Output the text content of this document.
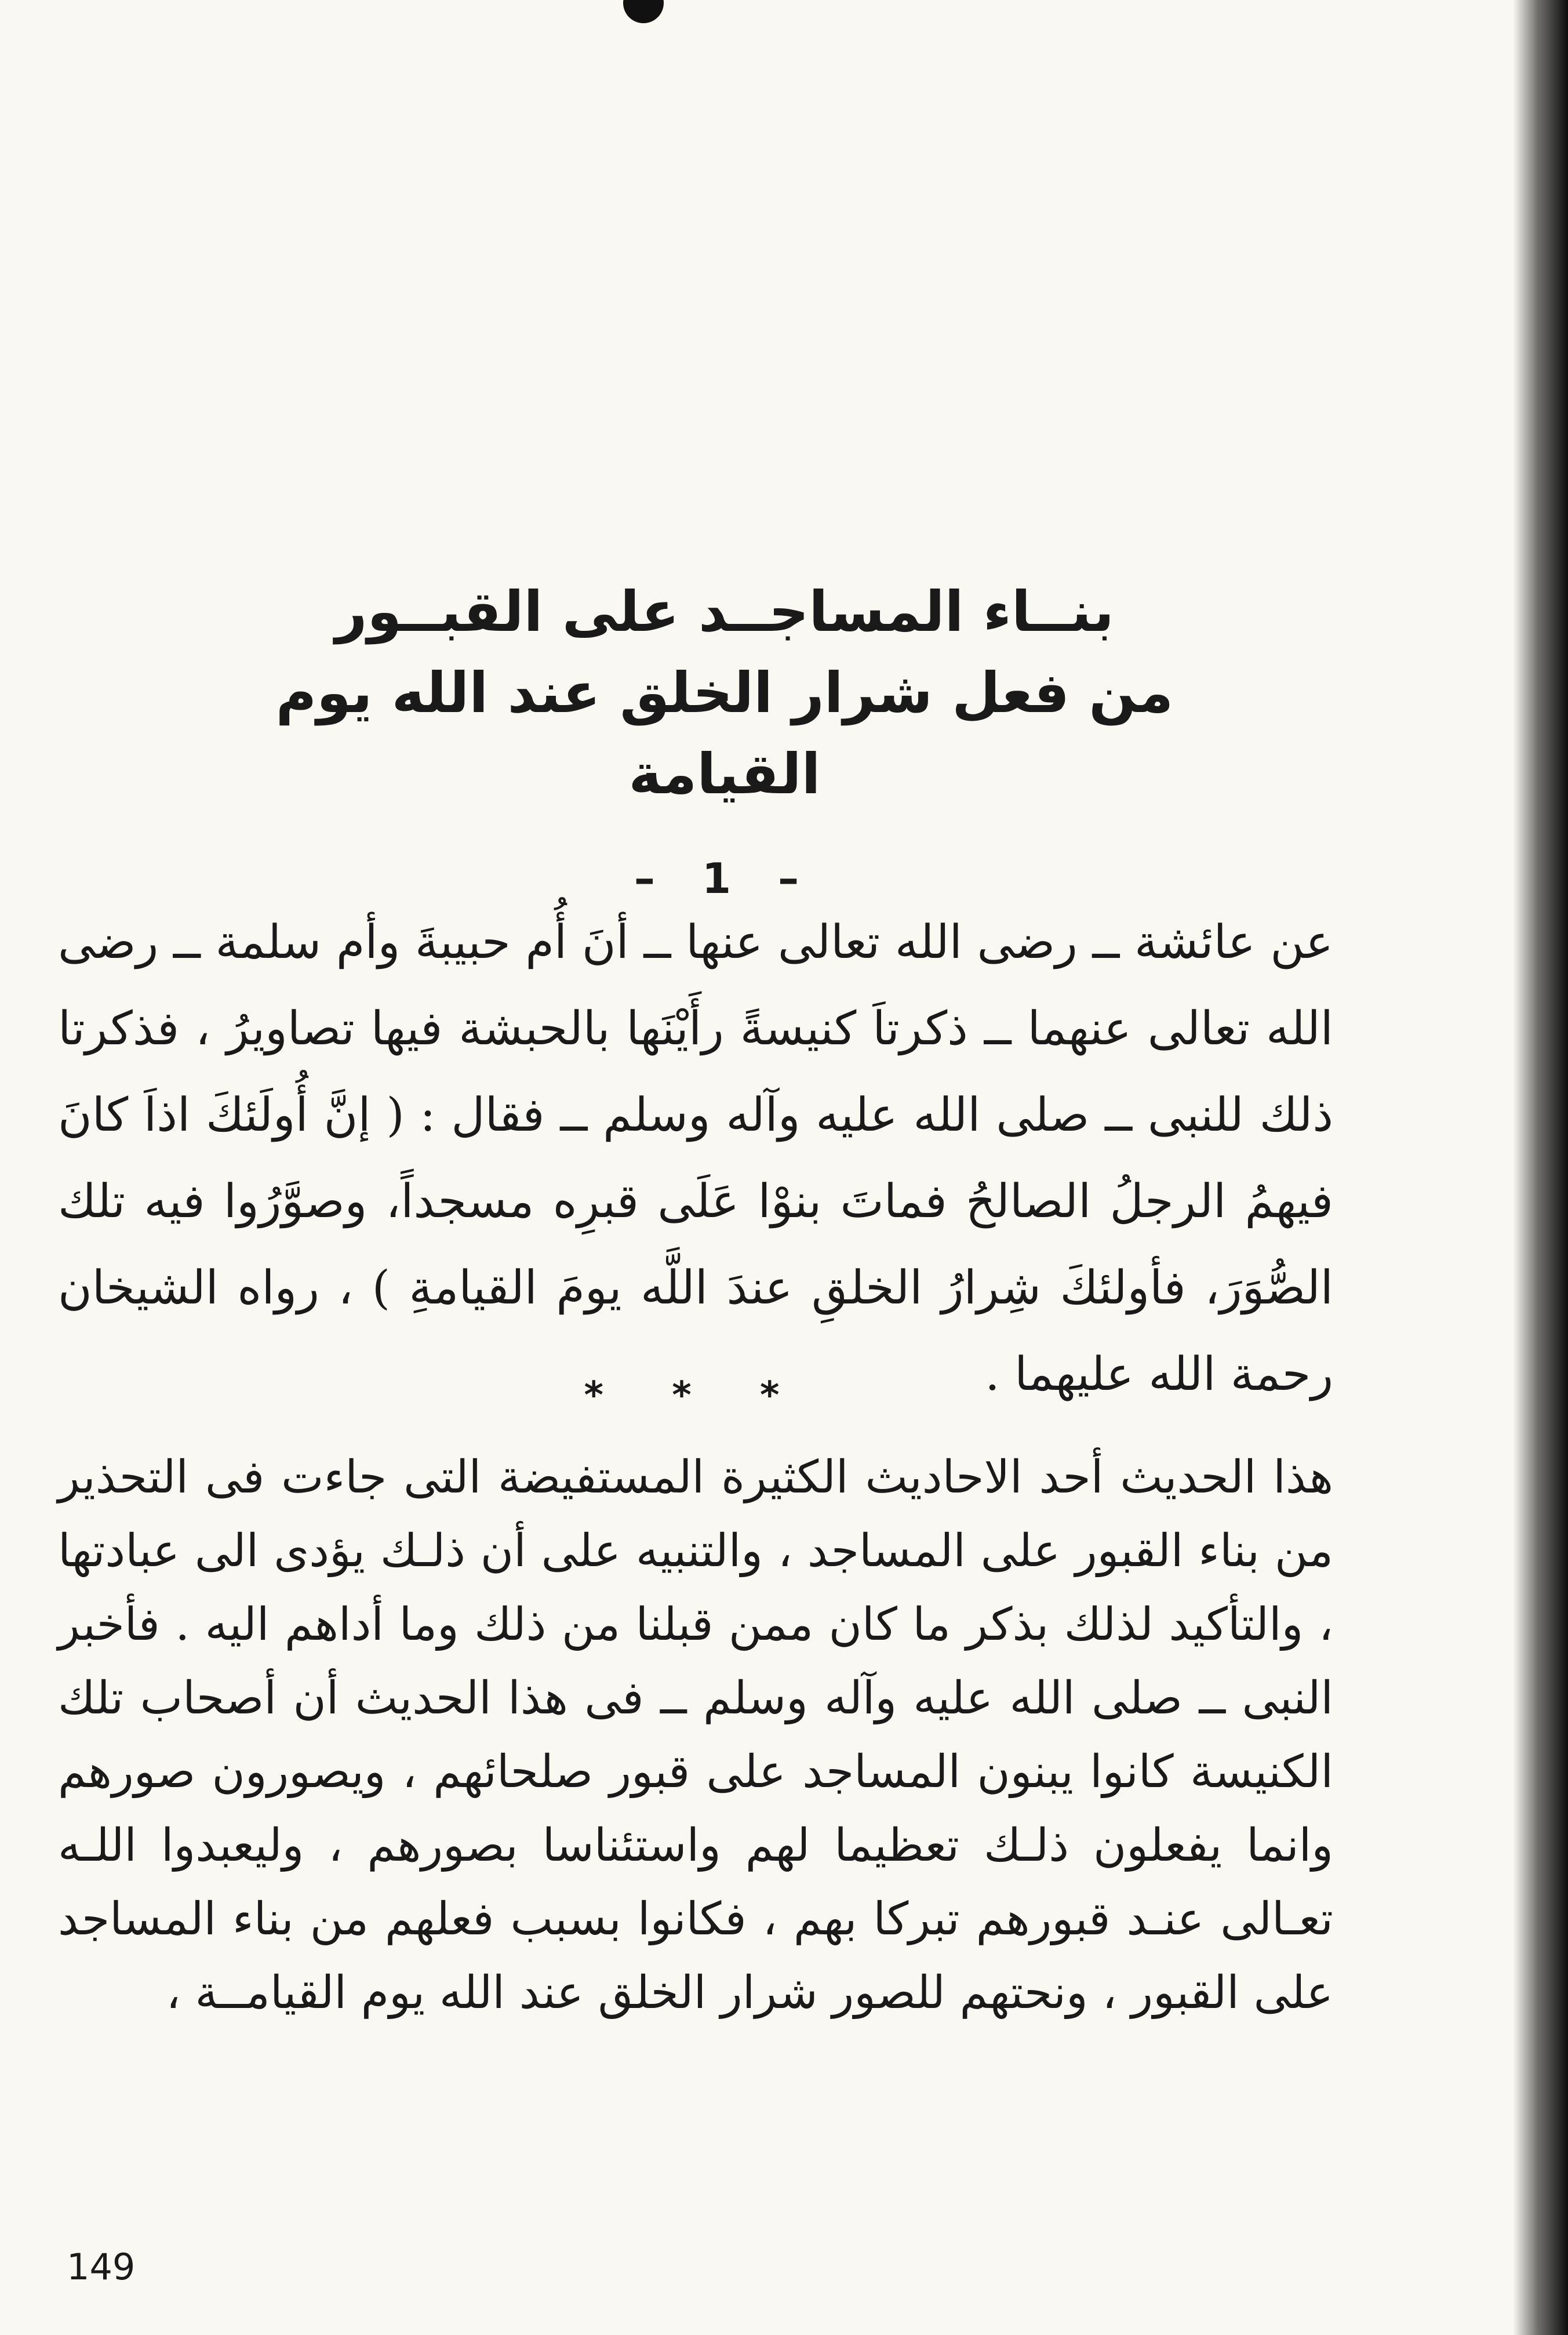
بنــاء المساجــد على القبــور

من فعل شرار الخلق عند الله يوم القيامة

– 1 –

عن عائشة ــ رضى الله تعالى عنها ــ أنَ أُم حبيبةَ وأم سلمة ــ رضى الله تعالى عنهما ــ ذكرتاَ كنيسةً رأَيْنَها بالحبشة فيها تصاويرُ ، فذكرتا ذلك للنبى ــ صلى الله عليه وآله وسلم ــ فقال : ( إنَّ أُولَئكَ اذاَ كانَ فيهمُ الرجلُ الصالحُ فماتَ بنوْا عَلَى قبرِه مسجداً، وصوَّرُوا فيه تلك الصُّوَرَ، فأولئكَ شِرارُ الخلقِ عندَ اللَّه يومَ القيامةِ ) ، رواه الشيخان رحمة الله عليهما .

* * *

هذا الحديث أحد الاحاديث الكثيرة المستفيضة التى جاءت فى التحذير من بناء القبور على المساجد ، والتنبيه على أن ذلـك يؤدى الى عبادتها ، والتأكيد لذلك بذكر ما كان ممن قبلنا من ذلك وما أداهم اليه . فأخبر النبى ــ صلى الله عليه وآله وسلم ــ فى هذا الحديث أن أصحاب تلك الكنيسة كانوا يبنون المساجد على قبور صلحائهم ، ويصورون صورهم وانما يفعلون ذلـك تعظيما لهم واستئناسا بصورهم ، وليعبدوا اللـه تعـالى عنـد قبورهم تبركا بهم ، فكانوا بسبب فعلهم من بناء المساجد على القبور ، ونحتهم للصور شرار الخلق عند الله يوم القيامــة ،

149
